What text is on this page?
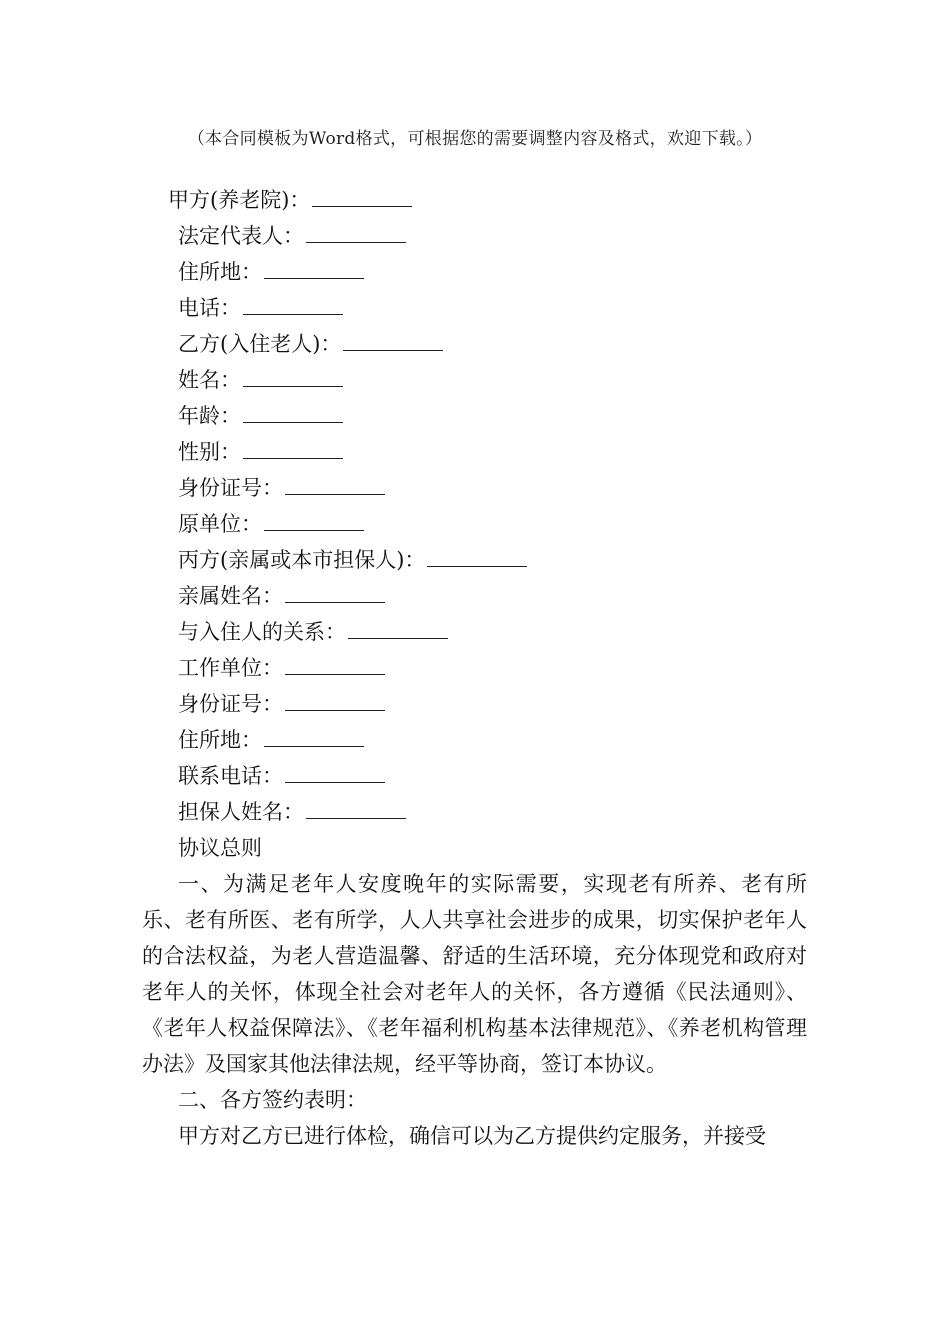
（本合同模板为Word格式，可根据您的需要调整内容及格式，欢迎下载。）
甲方(养老院)：
法定代表人：
住所地：
电话：
乙方(入住老人)：
姓名：
年龄：
性别：
身份证号：
原单位：
丙方(亲属或本市担保人)：
亲属姓名：
与入住人的关系：
工作单位：
身份证号：
住所地：
联系电话：
担保人姓名：
协议总则

一、为满足老年人安度晚年的实际需要，实现老有所养、老有所乐、老有所医、老有所学，人人共享社会进步的成果，切实保护老年人的合法权益，为老人营造温馨、舒适的生活环境，充分体现党和政府对老年人的关怀，体现全社会对老年人的关怀，各方遵循《民法通则》、《老年人权益保障法》、《老年福利机构基本法律规范》、《养老机构管理办法》及国家其他法律法规，经平等协商，签订本协议。

二、各方签约表明：

甲方对乙方已进行体检，确信可以为乙方提供约定服务，并接受
